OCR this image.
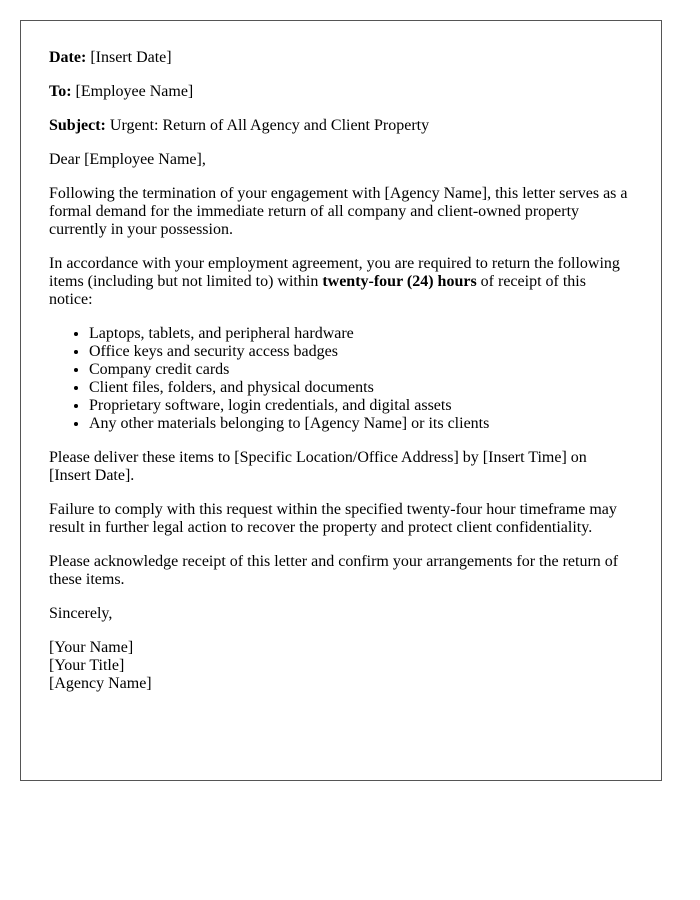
Date: [Insert Date]

To: [Employee Name]

Subject: Urgent: Return of All Agency and Client Property

Dear [Employee Name],

Following the termination of your engagement with [Agency Name], this letter serves as a formal demand for the immediate return of all company and client-owned property currently in your possession.

In accordance with your employment agreement, you are required to return the following items (including but not limited to) within twenty-four (24) hours of receipt of this notice:

• Laptops, tablets, and peripheral hardware
• Office keys and security access badges
• Company credit cards
• Client files, folders, and physical documents
• Proprietary software, login credentials, and digital assets
• Any other materials belonging to [Agency Name] or its clients

Please deliver these items to [Specific Location/Office Address] by [Insert Time] on [Insert Date].

Failure to comply with this request within the specified twenty-four hour timeframe may result in further legal action to recover the property and protect client confidentiality.

Please acknowledge receipt of this letter and confirm your arrangements for the return of these items.

Sincerely,

[Your Name]
[Your Title]
[Agency Name]
